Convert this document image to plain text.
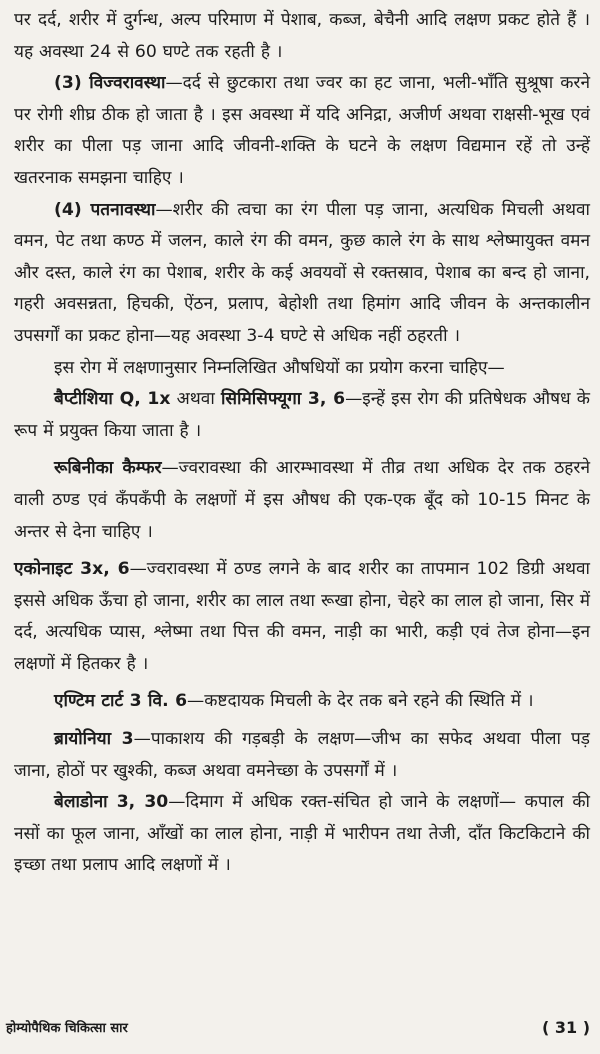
पर दर्द, शरीर में दुर्गन्ध, अल्प परिमाण में पेशाब, कब्ज, बेचैनी आदि लक्षण प्रकट होते हैं । यह अवस्था 24 से 60 घण्टे तक रहती है ।

(3) विज्वरावस्था—दर्द से छुटकारा तथा ज्वर का हट जाना, भली-भाँति सुश्रूषा करने पर रोगी शीघ्र ठीक हो जाता है । इस अवस्था में यदि अनिद्रा, अजीर्ण अथवा राक्षसी-भूख एवं शरीर का पीला पड़ जाना आदि जीवनी-शक्ति के घटने के लक्षण विद्यमान रहें तो उन्हें खतरनाक समझना चाहिए ।

(4) पतनावस्था—शरीर की त्वचा का रंग पीला पड़ जाना, अत्यधिक मिचली अथवा वमन, पेट तथा कण्ठ में जलन, काले रंग की वमन, कुछ काले रंग के साथ श्लेष्मायुक्त वमन और दस्त, काले रंग का पेशाब, शरीर के कई अवयवों से रक्तस्राव, पेशाब का बन्द हो जाना, गहरी अवसन्नता, हिचकी, ऐंठन, प्रलाप, बेहोशी तथा हिमांग आदि जीवन के अन्तकालीन उपसर्गों का प्रकट होना—यह अवस्था 3-4 घण्टे से अधिक नहीं ठहरती ।

इस रोग में लक्षणानुसार निम्नलिखित औषधियों का प्रयोग करना चाहिए—

बैप्टीशिया Q, 1x अथवा सिमिसिफ्यूगा 3, 6—इन्हें इस रोग की प्रतिषेधक औषध के रूप में प्रयुक्त किया जाता है ।

रूबिनीका कैम्फर—ज्वरावस्था की आरम्भावस्था में तीव्र तथा अधिक देर तक ठहरने वाली ठण्ड एवं कँपकँपी के लक्षणों में इस औषध की एक-एक बूँद को 10-15 मिनट के अन्तर से देना चाहिए ।

एकोनाइट 3x, 6—ज्वरावस्था में ठण्ड लगने के बाद शरीर का तापमान 102 डिग्री अथवा इससे अधिक ऊँचा हो जाना, शरीर का लाल तथा रूखा होना, चेहरे का लाल हो जाना, सिर में दर्द, अत्यधिक प्यास, श्लेष्मा तथा पित्त की वमन, नाड़ी का भारी, कड़ी एवं तेज होना—इन लक्षणों में हितकर है ।

एण्टिम टार्ट 3 वि. 6—कष्टदायक मिचली के देर तक बने रहने की स्थिति में ।

ब्रायोनिया 3—पाकाशय की गड़बड़ी के लक्षण—जीभ का सफेद अथवा पीला पड़ जाना, होठों पर खुश्की, कब्ज अथवा वमनेच्छा के उपसर्गों में ।

बेलाडोना 3, 30—दिमाग में अधिक रक्त-संचित हो जाने के लक्षणों— कपाल की नसों का फूल जाना, आँखों का लाल होना, नाड़ी में भारीपन तथा तेजी, दाँत किटकिटाने की इच्छा तथा प्रलाप आदि लक्षणों में ।

होम्योपैथिक चिकित्सा सार	( 31 )
